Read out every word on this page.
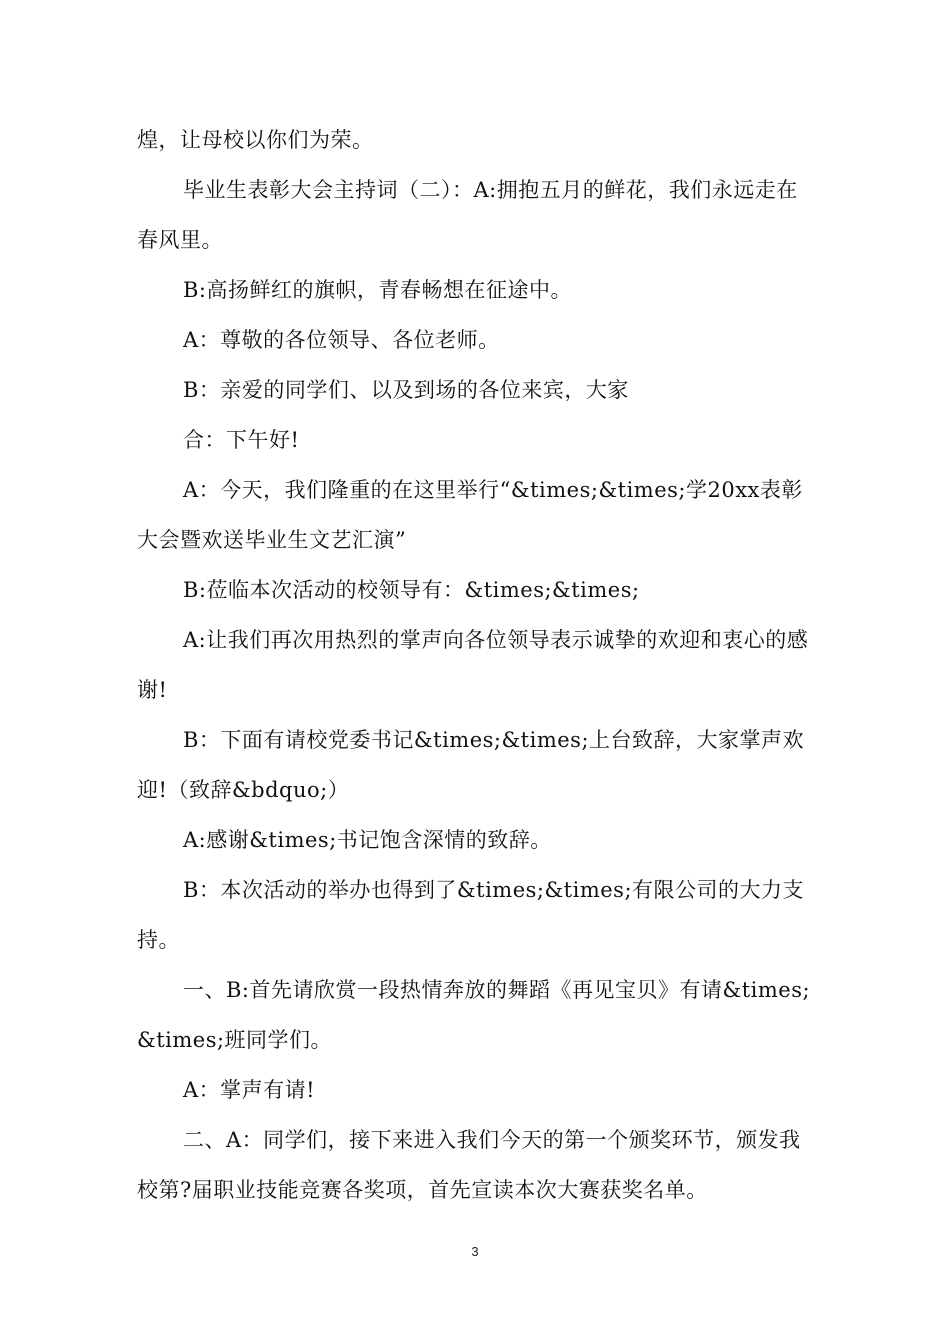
煌，让母校以你们为荣。

毕业生表彰大会主持词（二）：A:拥抱五月的鲜花，我们永远走在春风里。

B:高扬鲜红的旗帜，青春畅想在征途中。

A：尊敬的各位领导、各位老师。

B：亲爱的同学们、以及到场的各位来宾，大家

合：下午好!

A：今天，我们隆重的在这里举行“&times;&times;学20xx表彰大会暨欢送毕业生文艺汇演”

B:莅临本次活动的校领导有：&times;&times;

A:让我们再次用热烈的掌声向各位领导表示诚挚的欢迎和衷心的感谢!

B：下面有请校党委书记&times;&times;上台致辞，大家掌声欢迎!（致辞&bdquo;）

A:感谢&times;书记饱含深情的致辞。

B：本次活动的举办也得到了&times;&times;有限公司的大力支持。

一、B:首先请欣赏一段热情奔放的舞蹈《再见宝贝》有请&times;&times;班同学们。

A：掌声有请!

二、A：同学们，接下来进入我们今天的第一个颁奖环节，颁发我校第?届职业技能竞赛各奖项，首先宣读本次大赛获奖名单。

3
